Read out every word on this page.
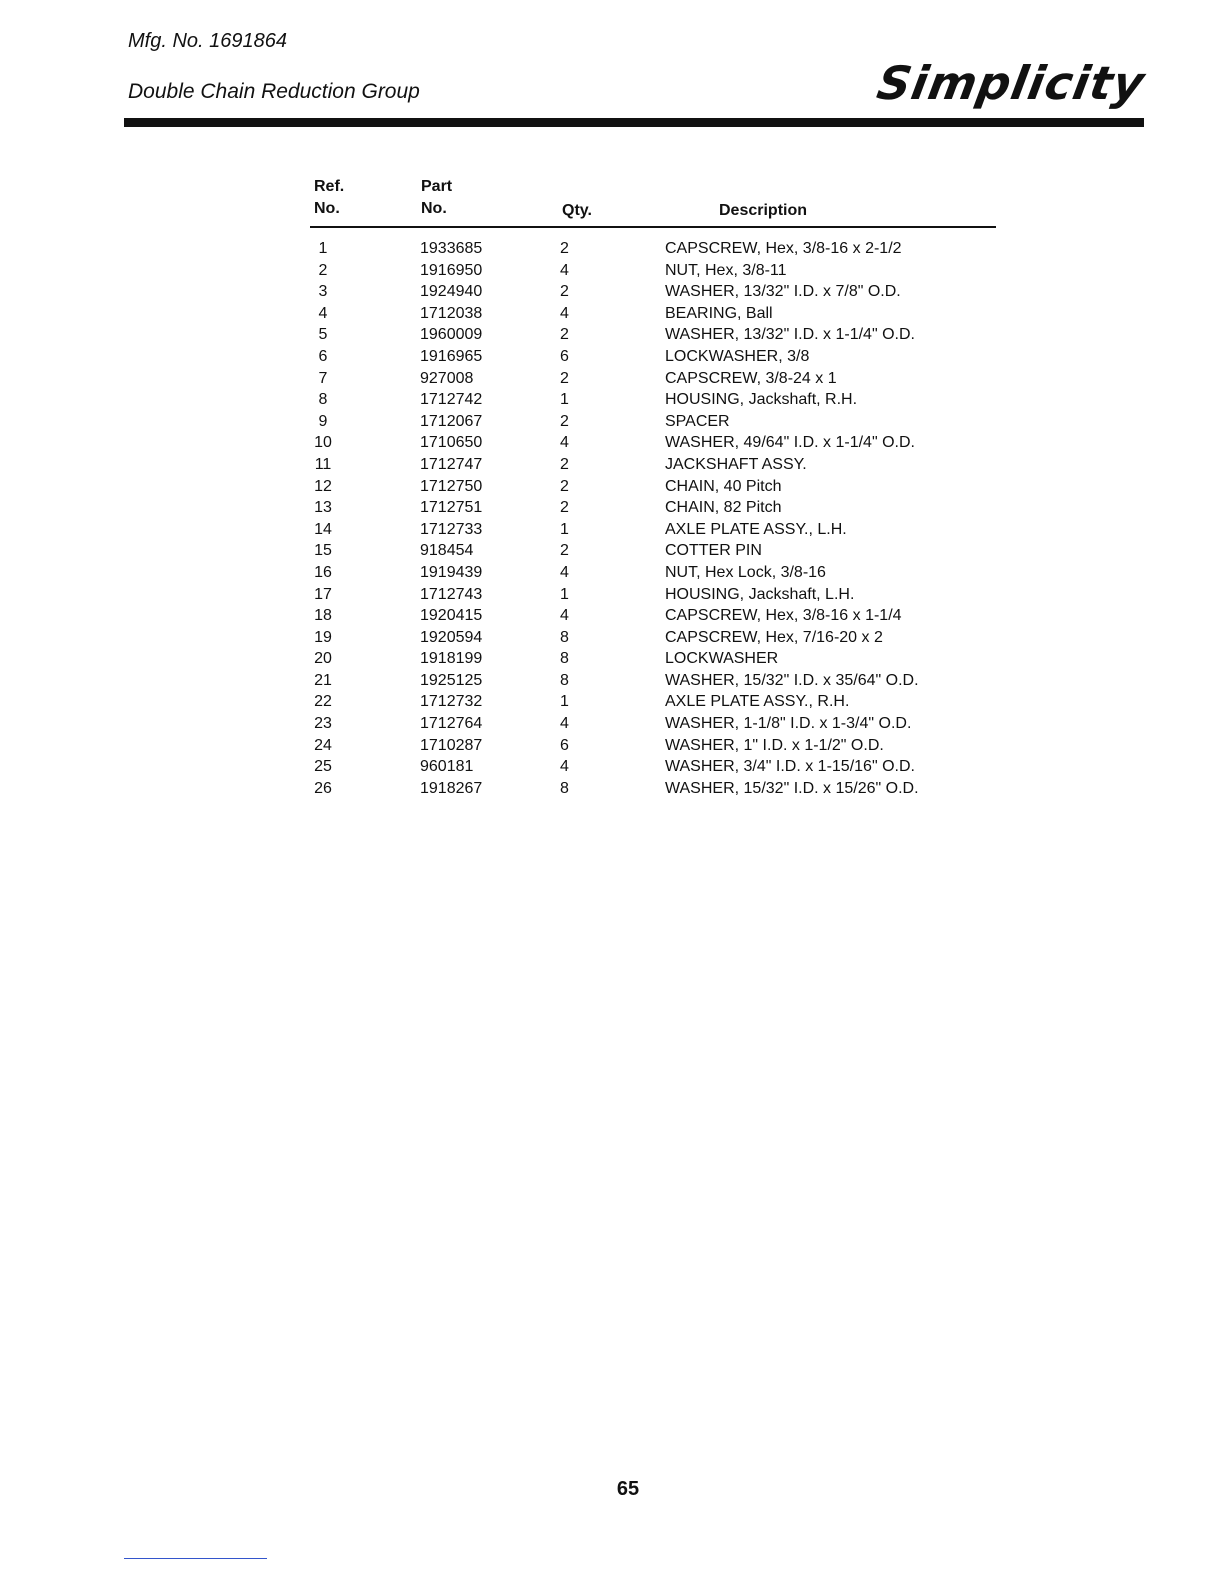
Mfg. No. 1691864
Double Chain Reduction Group	Simplicity
Ref.
No.
Part
No.	Qty.	Description
1	1933685	2	CAPSCREW, Hex, 3/8-16 x 2-1/2
2	1916950	4	NUT, Hex, 3/8-11
3	1924940	2	WASHER, 13/32" I.D. x 7/8" O.D.
4	1712038	4	BEARING, Ball
5	1960009	2	WASHER, 13/32" I.D. x 1-1/4" O.D.
6	1916965	6	LOCKWASHER, 3/8
7	927008	2	CAPSCREW, 3/8-24 x 1
8	1712742	1	HOUSING, Jackshaft, R.H.
9	1712067	2	SPACER
10	1710650	4	WASHER, 49/64" I.D. x 1-1/4" O.D.
11	1712747	2	JACKSHAFT ASSY.
12	1712750	2	CHAIN, 40 Pitch
13	1712751	2	CHAIN, 82 Pitch
14	1712733	1	AXLE PLATE ASSY., L.H.
15	918454	2	COTTER PIN
16	1919439	4	NUT, Hex Lock, 3/8-16
17	1712743	1	HOUSING, Jackshaft, L.H.
18	1920415	4	CAPSCREW, Hex, 3/8-16 x 1-1/4
19	1920594	8	CAPSCREW, Hex, 7/16-20 x 2
20	1918199	8	LOCKWASHER
21	1925125	8	WASHER, 15/32" I.D. x 35/64" O.D.
22	1712732	1	AXLE PLATE ASSY., R.H.
23	1712764	4	WASHER, 1-1/8" I.D. x 1-3/4" O.D.
24	1710287	6	WASHER, 1" I.D. x 1-1/2" O.D.
25	960181	4	WASHER, 3/4" I.D. x 1-15/16" O.D.
26	1918267	8	WASHER, 15/32" I.D. x 15/26" O.D.
65
